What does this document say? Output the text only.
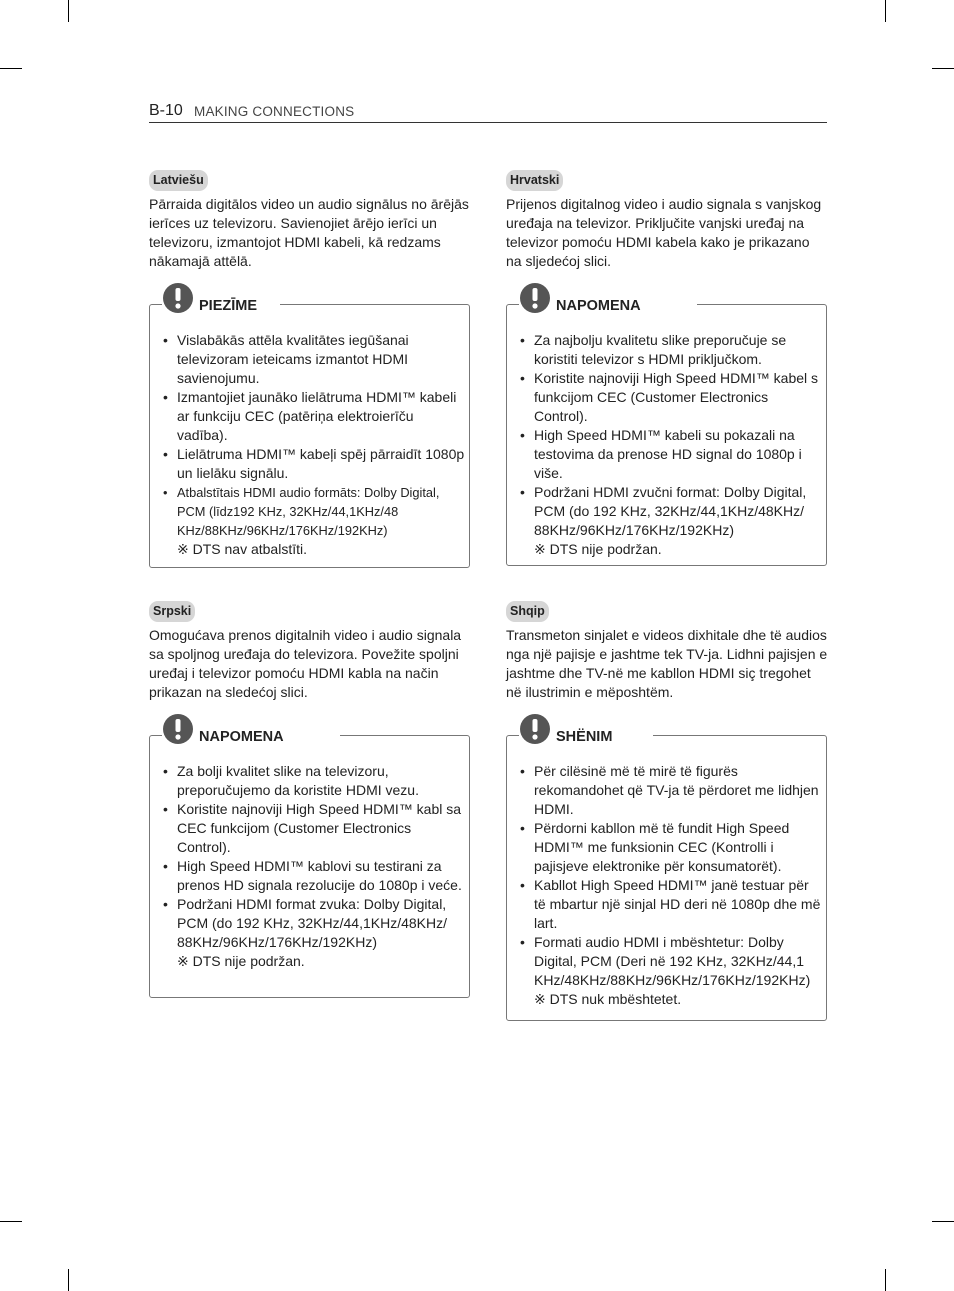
B-10 MAKING CONNECTIONS
Latviešu
Pārraida digitālos video un audio signālus no ārējās ierīces uz televizoru. Savienojiet ārējo ierīci un televizoru, izmantojot HDMI kabeli, kā redzams nākamajā attēlā.
PIEZĪME
• Vislabākās attēla kvalitātes iegūšanai televizoram ieteicams izmantot HDMI savienojumu.
• Izmantojiet jaunāko lielātruma HDMI™ kabeli ar funkciju CEC (patēriņa elektroierīču vadība).
• Lielātruma HDMI™ kabeļi spēj pārraidīt 1080p un lielāku signālu.
• Atbalstītais HDMI audio formāts: Dolby Digital, PCM (līdz192 KHz, 32KHz/44,1KHz/48 KHz/88KHz/96KHz/176KHz/192KHz)
※ DTS nav atbalstīti.
Hrvatski
Prijenos digitalnog video i audio signala s vanjskog uređaja na televizor. Priključite vanjski uređaj na televizor pomoću HDMI kabela kako je prikazano na sljedećoj slici.
NAPOMENA
• Za najbolju kvalitetu slike preporučuje se koristiti televizor s HDMI priključkom.
• Koristite najnoviji High Speed HDMI™ kabel s funkcijom CEC (Customer Electronics Control).
• High Speed HDMI™ kabeli su pokazali na testovima da prenose HD signal do 1080p i više.
• Podržani HDMI zvučni format: Dolby Digital, PCM (do 192 KHz, 32KHz/44,1KHz/48KHz/ 88KHz/96KHz/176KHz/192KHz)
※ DTS nije podržan.
Srpski
Omogućava prenos digitalnih video i audio signala sa spoljnog uređaja do televizora. Povežite spoljni uređaj i televizor pomoću HDMI kabla na način prikazan na sledećoj slici.
NAPOMENA
• Za bolji kvalitet slike na televizoru, preporučujemo da koristite HDMI vezu.
• Koristite najnoviji High Speed HDMI™ kabl sa CEC funkcijom (Customer Electronics Control).
• High Speed HDMI™ kablovi su testirani za prenos HD signala rezolucije do 1080p i veće.
• Podržani HDMI format zvuka: Dolby Digital, PCM (do 192 KHz, 32KHz/44,1KHz/48KHz/ 88KHz/96KHz/176KHz/192KHz)
※ DTS nije podržan.
Shqip
Transmeton sinjalet e videos dixhitale dhe të audios nga një pajisje e jashtme tek TV-ja. Lidhni pajisjen e jashtme dhe TV-në me kabllon HDMI siç tregohet në ilustrimin e mëposhtëm.
SHËNIM
• Për cilësinë më të mirë të figurës rekomandohet që TV-ja të përdoret me lidhjen HDMI.
• Përdorni kabllon më të fundit High Speed HDMI™ me funksionin CEC (Kontrolli i pajisjeve elektronike për konsumatorët).
• Kabllot High Speed HDMI™ janë testuar për të mbartur një sinjal HD deri në 1080p dhe më lart.
• Formati audio HDMI i mbështetur: Dolby Digital, PCM (Deri në 192 KHz, 32KHz/44,1 KHz/48KHz/88KHz/96KHz/176KHz/192KHz)
※ DTS nuk mbështetet.
